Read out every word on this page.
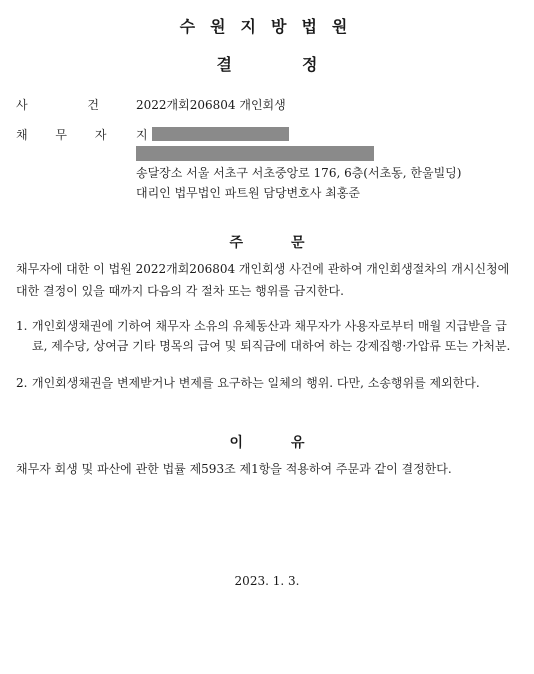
수원지방법원
결정
사 건 2022개회206804 개인회생
채 무 자 지
송달장소 서울 서초구 서초중앙로 176, 6층(서초동, 한울빌딩)
대리인 법무법인 파트원 담당변호사 최홍준
주문
채무자에 대한 이 법원 2022개회206804 개인회생 사건에 관하여 개인회생절차의 개시신청에 대한 결정이 있을 때까지 다음의 각 절차 또는 행위를 금지한다.
1. 개인회생채권에 기하여 채무자 소유의 유체동산과 채무자가 사용자로부터 매월 지급받을 급료, 제수당, 상여금 기타 명목의 급여 및 퇴직금에 대하여 하는 강제집행·가압류 또는 가처분.
2. 개인회생채권을 변제받거나 변제를 요구하는 일체의 행위. 다만, 소송행위를 제외한다.
이유
채무자 회생 및 파산에 관한 법률 제593조 제1항을 적용하여 주문과 같이 결정한다.
2023. 1. 3.
